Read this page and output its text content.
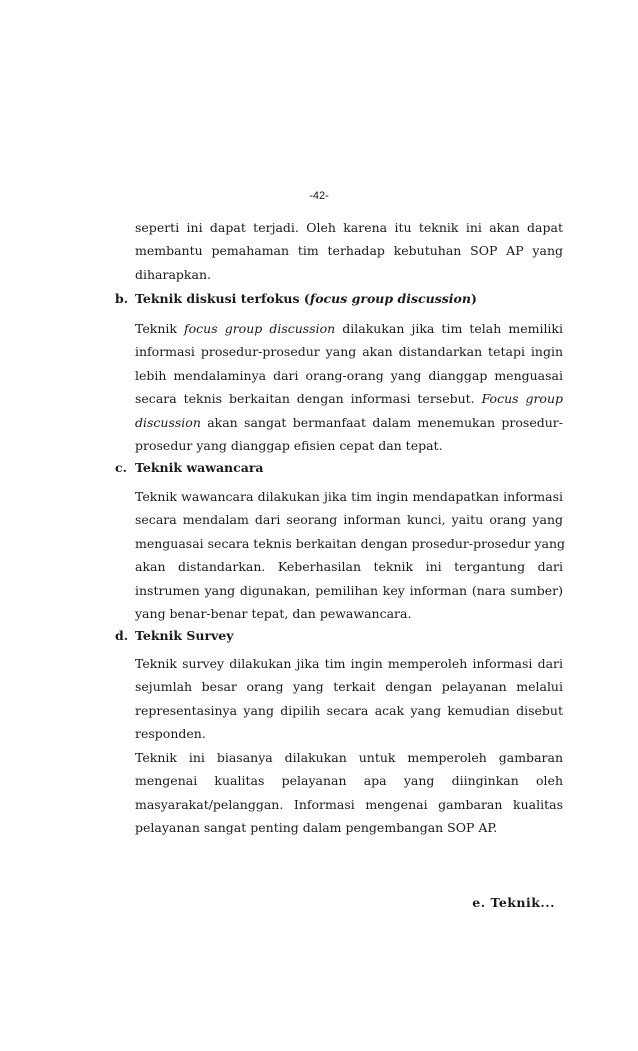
-42-
seperti ini dapat terjadi. Oleh karena itu teknik ini akan dapat
membantu pemahaman tim terhadap kebutuhan SOP AP yang
diharapkan.
b. Teknik diskusi terfokus (focus group discussion)
Teknik focus group discussion dilakukan jika tim telah memiliki
informasi prosedur-prosedur yang akan distandarkan tetapi ingin
lebih mendalaminya dari orang-orang yang dianggap menguasai
secara teknis berkaitan dengan informasi tersebut. Focus group
discussion akan sangat bermanfaat dalam menemukan prosedur-
prosedur yang dianggap efisien cepat dan tepat.
c. Teknik wawancara
Teknik wawancara dilakukan jika tim ingin mendapatkan informasi
secara mendalam dari seorang informan kunci, yaitu orang yang
menguasai secara teknis berkaitan dengan prosedur-prosedur yang
akan distandarkan. Keberhasilan teknik ini tergantung dari
instrumen yang digunakan, pemilihan key informan (nara sumber)
yang benar-benar tepat, dan pewawancara.
d. Teknik Survey
Teknik survey dilakukan jika tim ingin memperoleh informasi dari
sejumlah besar orang yang terkait dengan pelayanan melalui
representasinya yang dipilih secara acak yang kemudian disebut
responden.
Teknik ini biasanya dilakukan untuk memperoleh gambaran
mengenai kualitas pelayanan apa yang diinginkan oleh
masyarakat/pelanggan. Informasi mengenai gambaran kualitas
pelayanan sangat penting dalam pengembangan SOP AP.
e. Teknik...
